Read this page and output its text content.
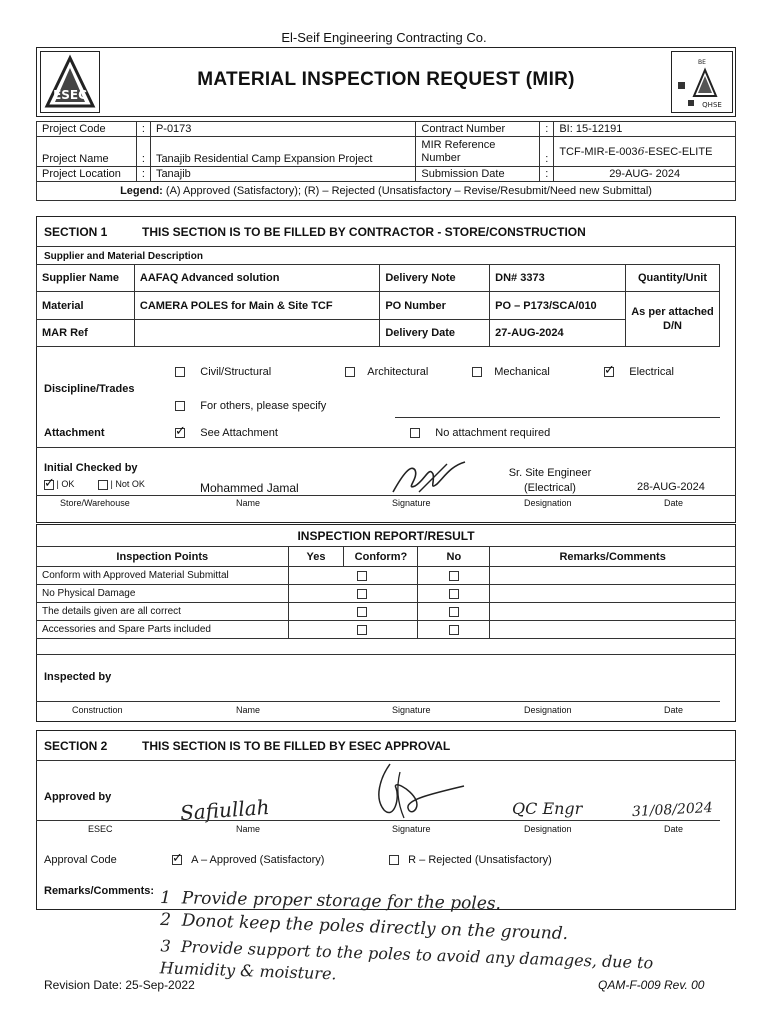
El-Seif Engineering Contracting Co.
ESEC
MATERIAL INSPECTION REQUEST (MIR)
BE
QHSE
Project Code	:	P-0173	Contract Number	:	BI: 15-12191
Project Name	:	Tanajib Residential Camp Expansion Project	MIR Reference Number	:	TCF-MIR-E-0036-ESEC-ELITE
Project Location	:	Tanajib	Submission Date	:	29-AUG- 2024
Legend: (A) Approved (Satisfactory); (R) – Rejected (Unsatisfactory – Revise/Resubmit/Need new Submittal)					
SECTION 1	THIS SECTION IS TO BE FILLED BY CONTRACTOR - STORE/CONSTRUCTION
Supplier and Material Description
Supplier Name	AAFAQ Advanced solution	Delivery Note	DN# 3373	Quantity/Unit
Material	CAMERA POLES for Main & Site TCF	PO Number	PO – P173/SCA/010	As per attached D/N
MAR Ref		Delivery Date	27-AUG-2024	
Discipline/Trades
Civil/Structural	Architectural	Mechanical	✓ Electrical
For others, please specify
Attachment	✓ See Attachment	No attachment required
Initial Checked by
✓ | OK	| Not OK	Mohammed Jamal
Sr. Site Engineer (Electrical)	28-AUG-2024
Store/Warehouse	Name	Signature	Designation	Date
INSPECTION REPORT/RESULT
Inspection Points	Yes	Conform?	No	Remarks/Comments
Conform with Approved Material Submittal				
No Physical Damage				
The details given are all correct				
Accessories and Spare Parts included				
Inspected by
Construction	Name	Signature	Designation	Date
SECTION 2	THIS SECTION IS TO BE FILLED BY ESEC APPROVAL
Approved by	Safiullah	QC Engr	31/08/2024
ESEC	Name	Signature	Designation	Date
Approval Code	✓ A – Approved (Satisfactory)	R – Rejected (Unsatisfactory)
Remarks/Comments: 1 Provide proper storage for the poles.
2 Donot keep the poles directly on the ground.
3 Provide support to the poles to avoid any damages, due to Humidity & moisture.
Revision Date: 25-Sep-2022	QAM-F-009 Rev. 00
